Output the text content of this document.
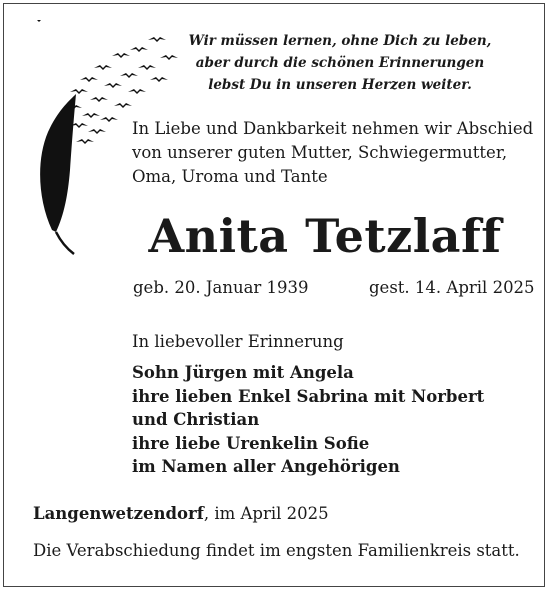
Wir müssen lernen, ohne Dich zu leben,
aber durch die schönen Erinnerungen
lebst Du in unseren Herzen weiter.
In Liebe und Dankbarkeit nehmen wir Abschied
von unserer guten Mutter, Schwiegermutter,
Oma, Uroma und Tante
Anita Tetzlaff
geb. 20. Januar 1939	gest. 14. April 2025
In liebevoller Erinnerung
Sohn Jürgen mit Angela
ihre lieben Enkel Sabrina mit Norbert
und Christian
ihre liebe Urenkelin Sofie
im Namen aller Angehörigen
Langenwetzendorf, im April 2025
Die Verabschiedung findet im engsten Familienkreis statt.
